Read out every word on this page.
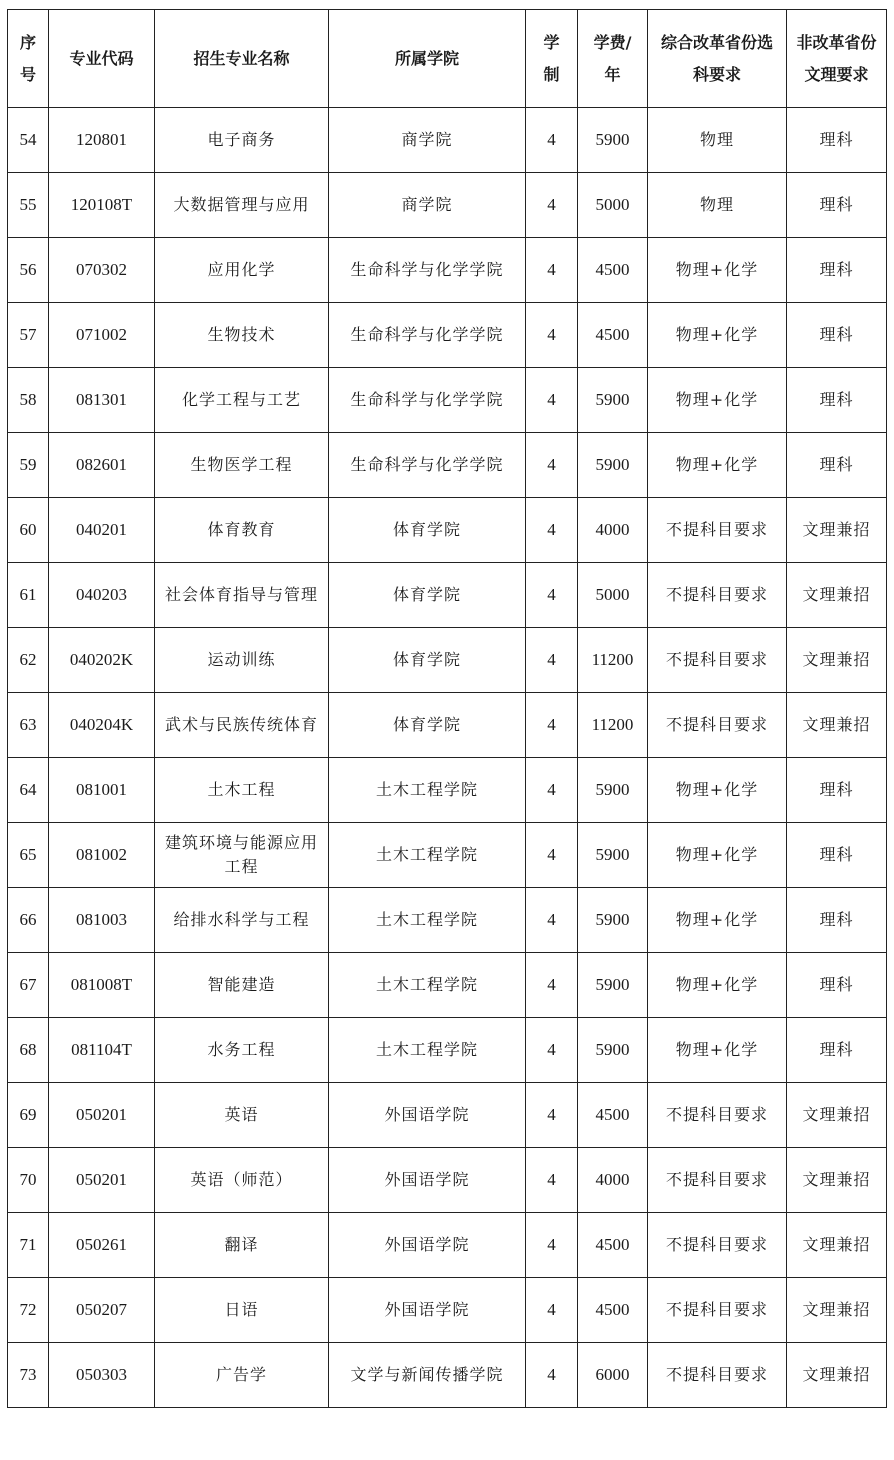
序号	专业代码	招生专业名称	所属学院	学制	学费/年	综合改革省份选科要求	非改革省份文理要求
54	120801	电子商务	商学院	4	5900	物理	理科
55	120108T	大数据管理与应用	商学院	4	5000	物理	理科
56	070302	应用化学	生命科学与化学学院	4	4500	物理+化学	理科
57	071002	生物技术	生命科学与化学学院	4	4500	物理+化学	理科
58	081301	化学工程与工艺	生命科学与化学学院	4	5900	物理+化学	理科
59	082601	生物医学工程	生命科学与化学学院	4	5900	物理+化学	理科
60	040201	体育教育	体育学院	4	4000	不提科目要求	文理兼招
61	040203	社会体育指导与管理	体育学院	4	5000	不提科目要求	文理兼招
62	040202K	运动训练	体育学院	4	11200	不提科目要求	文理兼招
63	040204K	武术与民族传统体育	体育学院	4	11200	不提科目要求	文理兼招
64	081001	土木工程	土木工程学院	4	5900	物理+化学	理科
65	081002	建筑环境与能源应用工程	土木工程学院	4	5900	物理+化学	理科
66	081003	给排水科学与工程	土木工程学院	4	5900	物理+化学	理科
67	081008T	智能建造	土木工程学院	4	5900	物理+化学	理科
68	081104T	水务工程	土木工程学院	4	5900	物理+化学	理科
69	050201	英语	外国语学院	4	4500	不提科目要求	文理兼招
70	050201	英语（师范）	外国语学院	4	4000	不提科目要求	文理兼招
71	050261	翻译	外国语学院	4	4500	不提科目要求	文理兼招
72	050207	日语	外国语学院	4	4500	不提科目要求	文理兼招
73	050303	广告学	文学与新闻传播学院	4	6000	不提科目要求	文理兼招
